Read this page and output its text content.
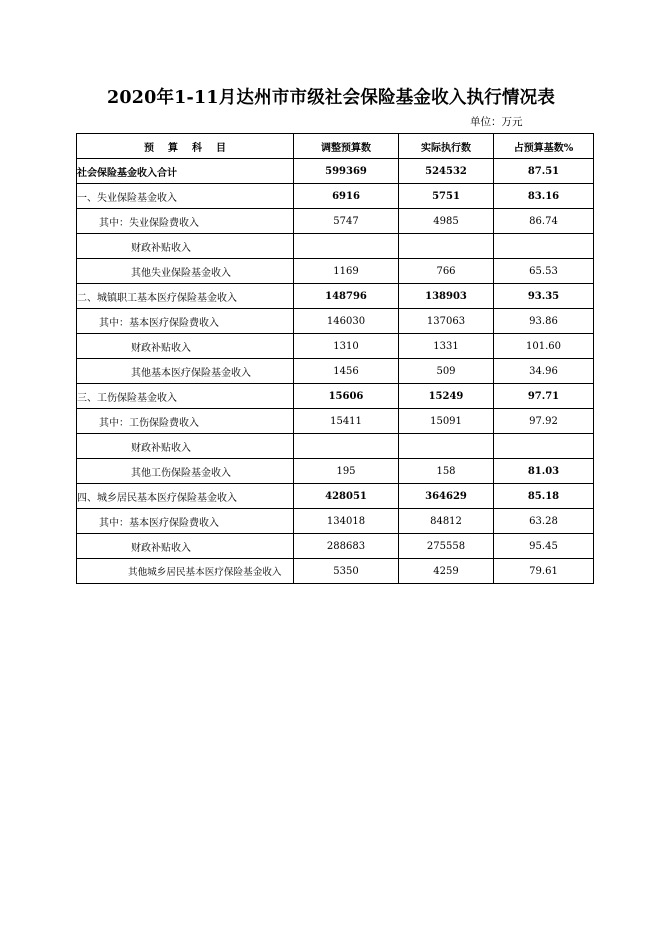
2020年1-11月达州市市级社会保险基金收入执行情况表
单位：万元
预算科目	调整预算数	实际执行数	占预算基数%
社会保险基金收入合计	599369	524532	87.51
一、失业保险基金收入	6916	5751	83.16
其中：失业保险费收入	5747	4985	86.74
财政补贴收入			
其他失业保险基金收入	1169	766	65.53
二、城镇职工基本医疗保险基金收入	148796	138903	93.35
其中：基本医疗保险费收入	146030	137063	93.86
财政补贴收入	1310	1331	101.60
其他基本医疗保险基金收入	1456	509	34.96
三、工伤保险基金收入	15606	15249	97.71
其中：工伤保险费收入	15411	15091	97.92
财政补贴收入			
其他工伤保险基金收入	195	158	81.03
四、城乡居民基本医疗保险基金收入	428051	364629	85.18
其中：基本医疗保险费收入	134018	84812	63.28
财政补贴收入	288683	275558	95.45
其他城乡居民基本医疗保险基金收入	5350	4259	79.61
